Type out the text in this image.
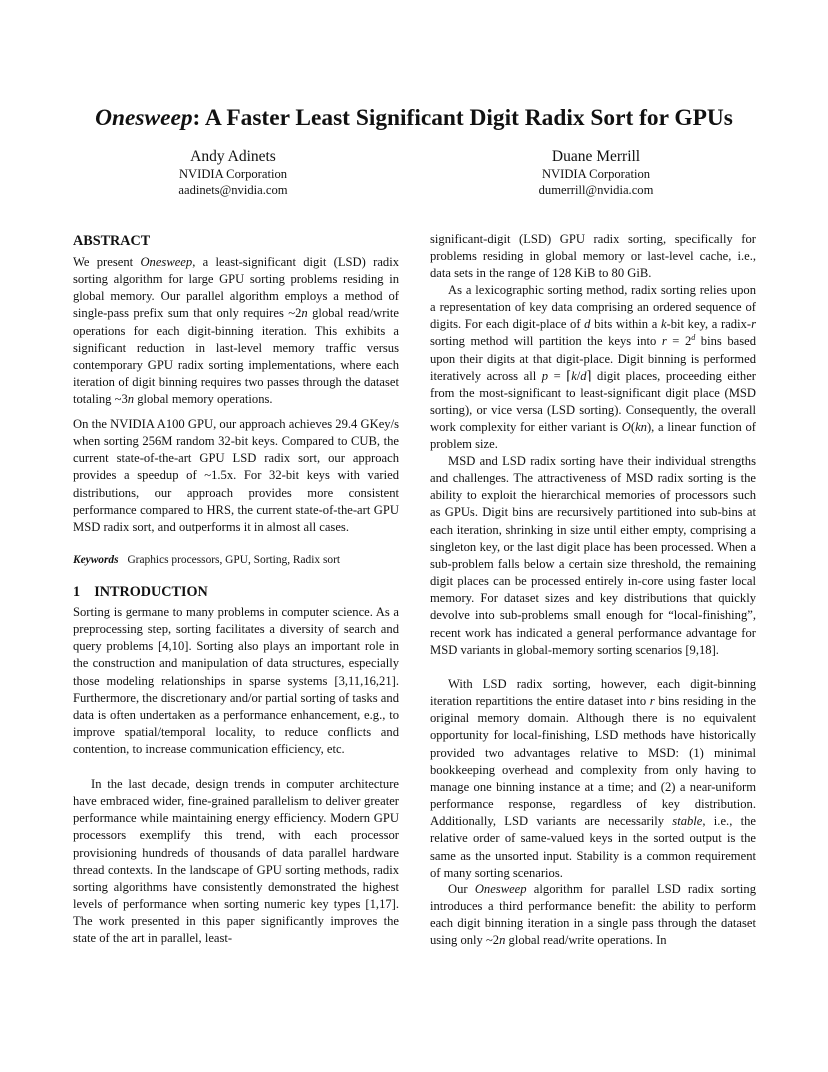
Onesweep: A Faster Least Significant Digit Radix Sort for GPUs
Andy Adinets
NVIDIA Corporation
aadinets@nvidia.com
Duane Merrill
NVIDIA Corporation
dumerrill@nvidia.com
ABSTRACT

We present Onesweep, a least-significant digit (LSD) radix sorting algorithm for large GPU sorting problems residing in global memory. Our parallel algorithm employs a method of single-pass prefix sum that only requires ~2n global read/write operations for each digit-binning iteration. This exhibits a significant reduction in last-level memory traffic versus contemporary GPU radix sorting implementations, where each iteration of digit binning requires two passes through the dataset totaling ~3n global memory operations.

On the NVIDIA A100 GPU, our approach achieves 29.4 GKey/s when sorting 256M random 32-bit keys. Compared to CUB, the current state-of-the-art GPU LSD radix sort, our approach provides a speedup of ~1.5x. For 32-bit keys with varied distributions, our approach provides more consistent performance compared to HRS, the current state-of-the-art GPU MSD radix sort, and outperforms it in almost all cases.

Keywords Graphics processors, GPU, Sorting, Radix sort
1    INTRODUCTION

Sorting is germane to many problems in computer science. As a preprocessing step, sorting facilitates a diversity of search and query problems [4,10]. Sorting also plays an important role in the construction and manipulation of data structures, especially those modeling relationships in sparse systems [3,11,16,21]. Furthermore, the discretionary and/or partial sorting of tasks and data is often undertaken as a performance enhancement, e.g., to improve spatial/temporal locality, to reduce conflicts and contention, to increase communication efficiency, etc.

In the last decade, design trends in computer architecture have embraced wider, fine-grained parallelism to deliver greater performance while maintaining energy efficiency. Modern GPU processors exemplify this trend, with each processor provisioning hundreds of thousands of data parallel hardware thread contexts. In the landscape of GPU sorting methods, radix sorting algorithms have consistently demonstrated the highest levels of performance when sorting numeric key types [1,17]. The work presented in this paper significantly improves the state of the art in parallel, least-

significant-digit (LSD) GPU radix sorting, specifically for problems residing in global memory or last-level cache, i.e., data sets in the range of 128 KiB to 80 GiB.

As a lexicographic sorting method, radix sorting relies upon a representation of key data comprising an ordered sequence of digits. For each digit-place of d bits within a k-bit key, a radix-r sorting method will partition the keys into $r = 2^d$ bins based upon their digits at that digit-place. Digit binning is performed iteratively across all p = ⌈k/d⌉ digit places, proceeding either from the most-significant to least-significant digit place (MSD sorting), or vice versa (LSD sorting). Consequently, the overall work complexity for either variant is O(kn), a linear function of problem size.

MSD and LSD radix sorting have their individual strengths and challenges. The attractiveness of MSD radix sorting is the ability to exploit the hierarchical memories of processors such as GPUs. Digit bins are recursively partitioned into sub-bins at each iteration, shrinking in size until either empty, comprising a singleton key, or the last digit place has been processed. When a sub-problem falls below a certain size threshold, the remaining digit places can be processed entirely in-core using faster local memory. For dataset sizes and key distributions that quickly devolve into sub-problems small enough for “local-finishing”, recent work has indicated a general performance advantage for MSD variants in global-memory sorting scenarios [9,18].

With LSD radix sorting, however, each digit-binning iteration repartitions the entire dataset into r bins residing in the original memory domain. Although there is no equivalent opportunity for local-finishing, LSD methods have historically provided two advantages relative to MSD: (1) minimal bookkeeping overhead and complexity from only having to manage one binning instance at a time; and (2) a near-uniform performance response, regardless of key distribution. Additionally, LSD variants are necessarily stable, i.e., the relative order of same-valued keys in the sorted output is the same as the unsorted input. Stability is a common requirement of many sorting scenarios.

Our Onesweep algorithm for parallel LSD radix sorting introduces a third performance benefit: the ability to perform each digit binning iteration in a single pass through the dataset using only ~2n global read/write operations. In
